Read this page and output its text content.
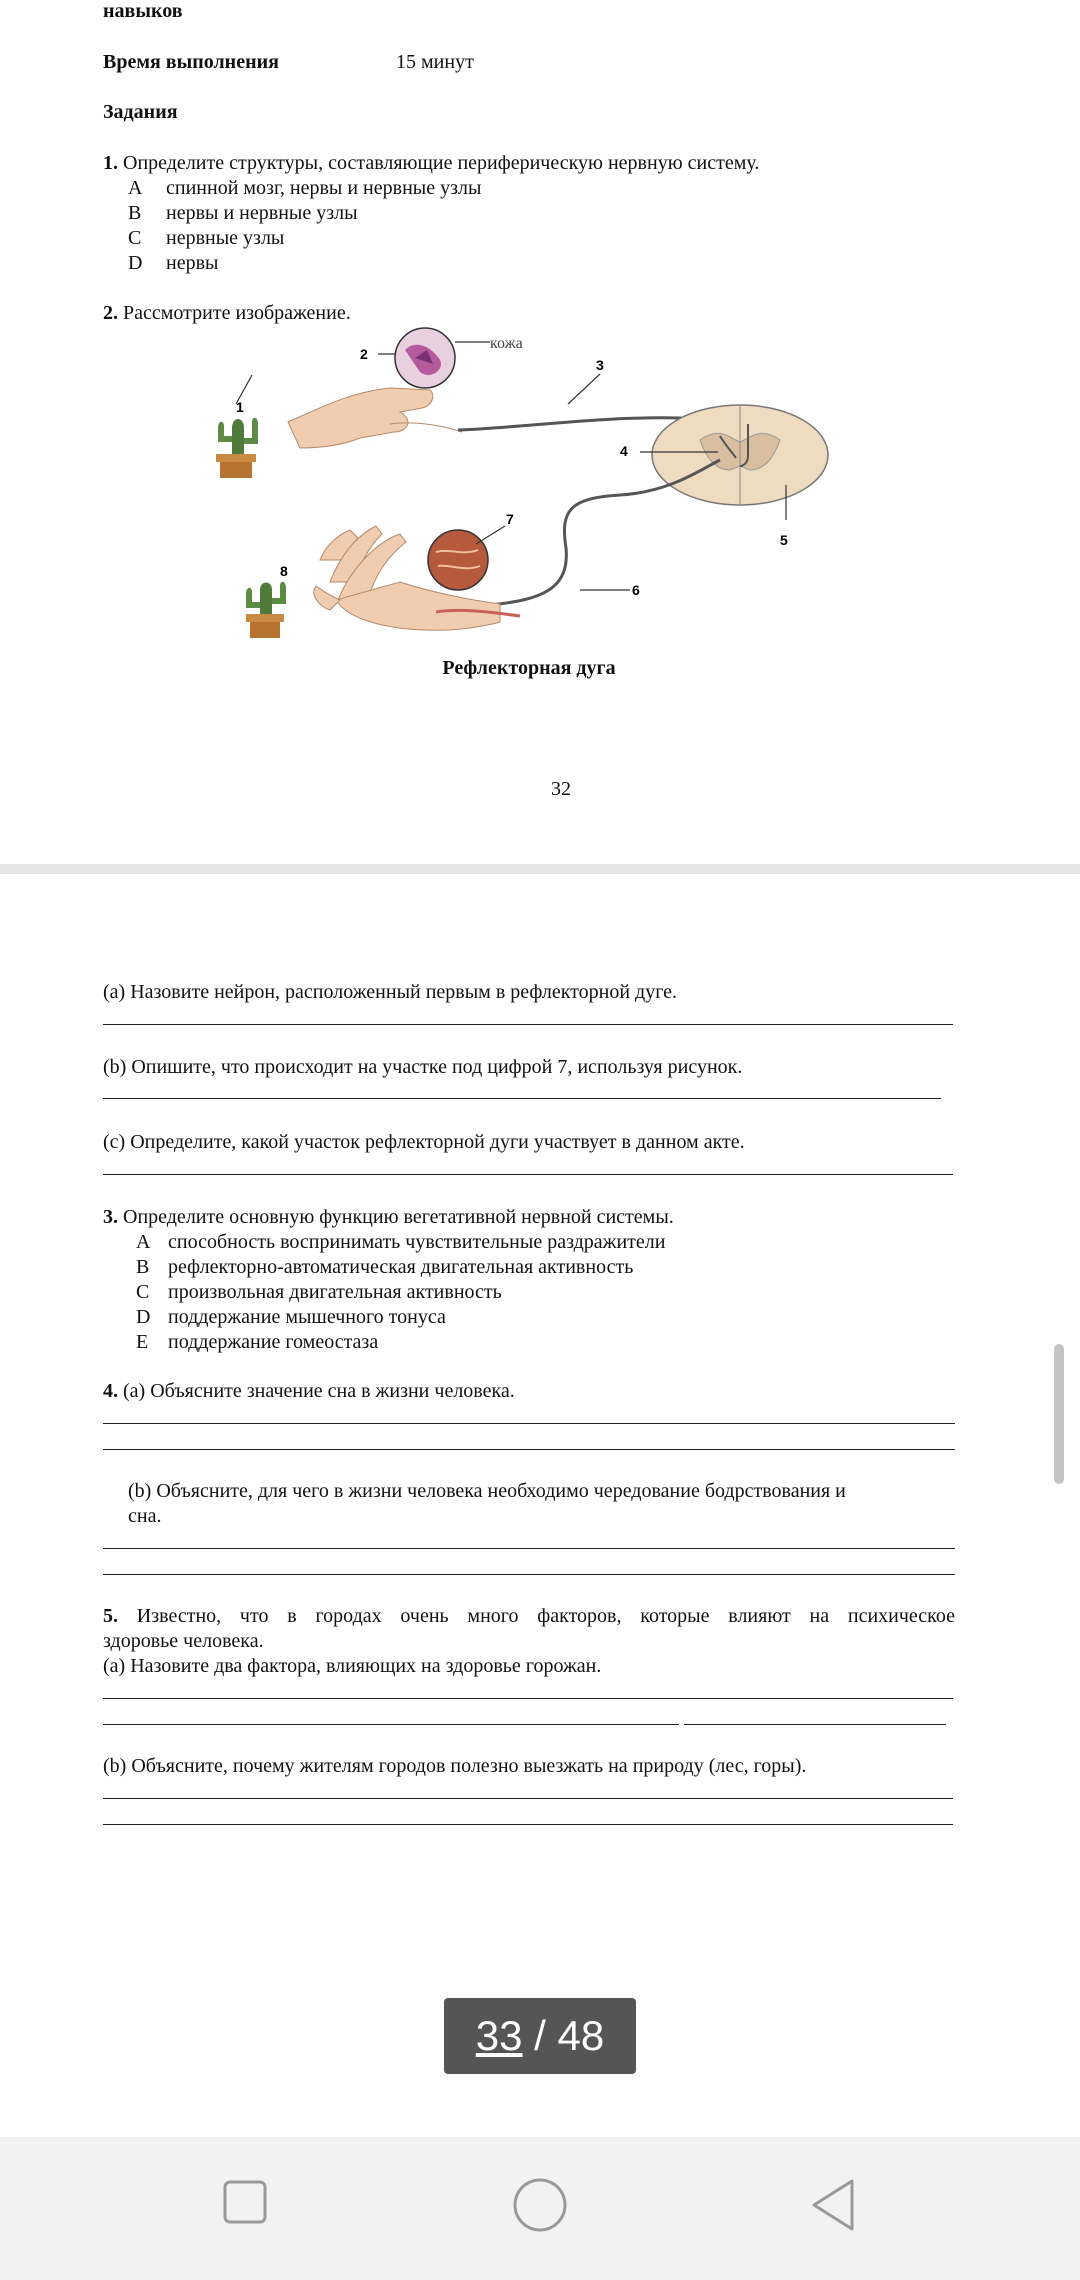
навыков
Время выполнения	15 минут
Задания
1. Определите структуры, составляющие периферическую нервную систему.
A спинной мозг, нервы и нервные узлы
B нервы и нервные узлы
C нервные узлы
D нервы
2. Рассмотрите изображение.
1
2
3
4
5
6
7
8
кожа
Рефлекторная дуга
32
(a) Назовите нейрон, расположенный первым в рефлекторной дуге.
(b) Опишите, что происходит на участке под цифрой 7, используя рисунок.
(c) Определите, какой участок рефлекторной дуги участвует в данном акте.
3. Определите основную функцию вегетативной нервной системы.
A способность воспринимать чувствительные раздражители
B рефлекторно-автоматическая двигательная активность
C произвольная двигательная активность
D поддержание мышечного тонуса
E поддержание гомеостаза
4. (a) Объясните значение сна в жизни человека.
(b) Объясните, для чего в жизни человека необходимо чередование бодрствования и
сна.
5. Известно, что в городах очень много факторов, которые влияют на психическое
здоровье человека.
(a) Назовите два фактора, влияющих на здоровье горожан.
(b) Объясните, почему жителям городов полезно выезжать на природу (лес, горы).
33 / 48
